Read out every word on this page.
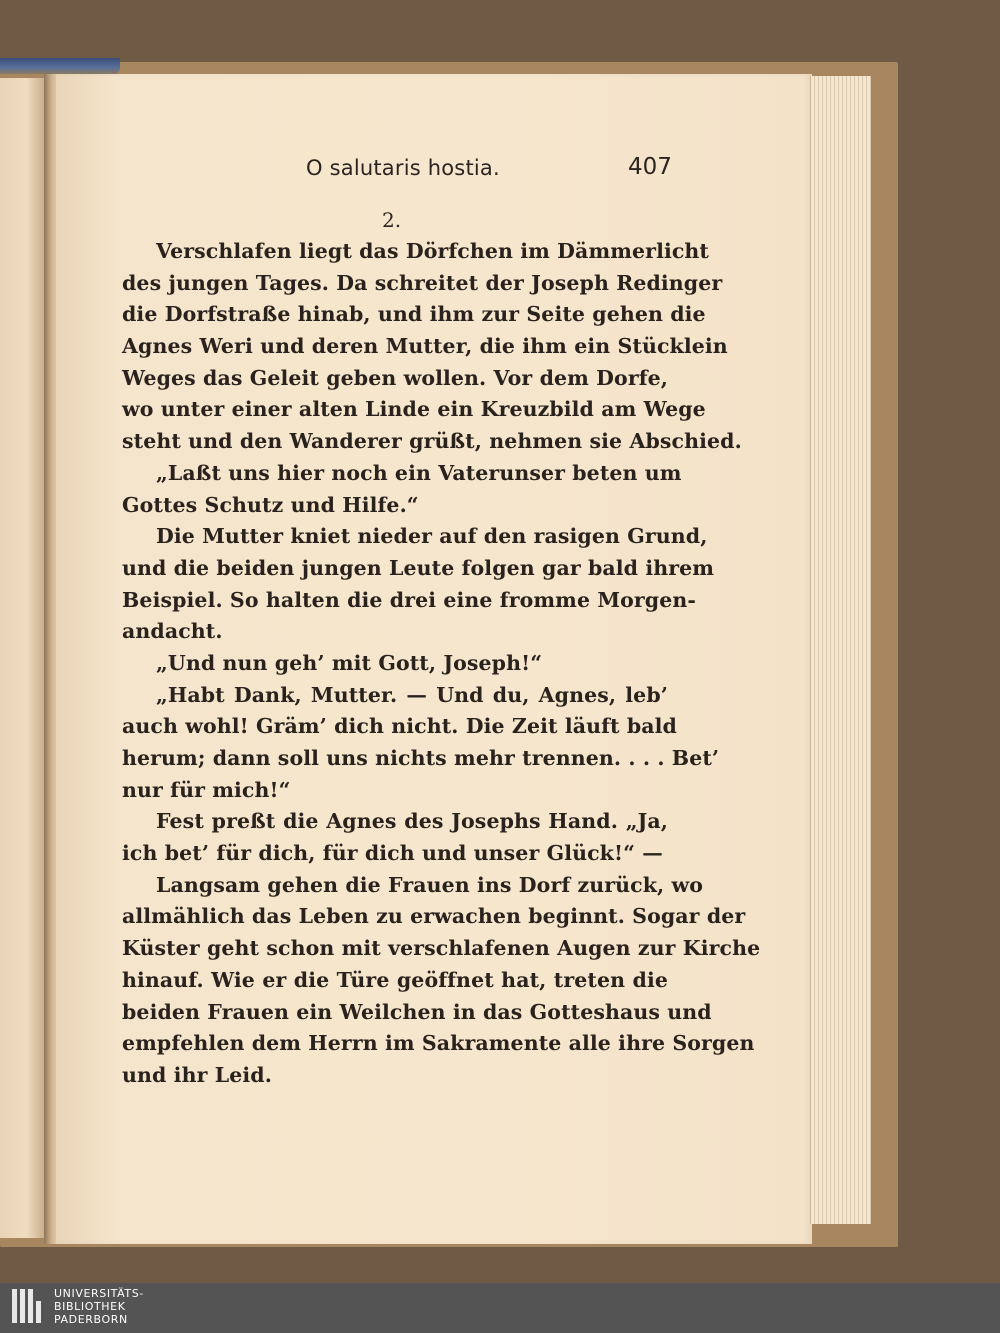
O salutaris hostia.	407
2.
Verschlafen liegt das Dörfchen im Dämmerlicht
des jungen Tages. Da schreitet der Joseph Redinger
die Dorfstraße hinab, und ihm zur Seite gehen die
Agnes Weri und deren Mutter, die ihm ein Stücklein
Weges das Geleit geben wollen. Vor dem Dorfe,
wo unter einer alten Linde ein Kreuzbild am Wege
steht und den Wanderer grüßt, nehmen sie Abschied.
„Laßt uns hier noch ein Vaterunser beten um
Gottes Schutz und Hilfe.“
Die Mutter kniet nieder auf den rasigen Grund,
und die beiden jungen Leute folgen gar bald ihrem
Beispiel. So halten die drei eine fromme Morgen-
andacht.
„Und nun geh’ mit Gott, Joseph!“
„Habt Dank, Mutter. — Und du, Agnes, leb’
auch wohl! Gräm’ dich nicht. Die Zeit läuft bald
herum; dann soll uns nichts mehr trennen. . . . Bet’
nur für mich!“
Fest preßt die Agnes des Josephs Hand. „Ja,
ich bet’ für dich, für dich und unser Glück!“ —
Langsam gehen die Frauen ins Dorf zurück, wo
allmählich das Leben zu erwachen beginnt. Sogar der
Küster geht schon mit verschlafenen Augen zur Kirche
hinauf. Wie er die Türe geöffnet hat, treten die
beiden Frauen ein Weilchen in das Gotteshaus und
empfehlen dem Herrn im Sakramente alle ihre Sorgen
und ihr Leid.
UNIVERSITÄTS-
BIBLIOTHEK
PADERBORN
